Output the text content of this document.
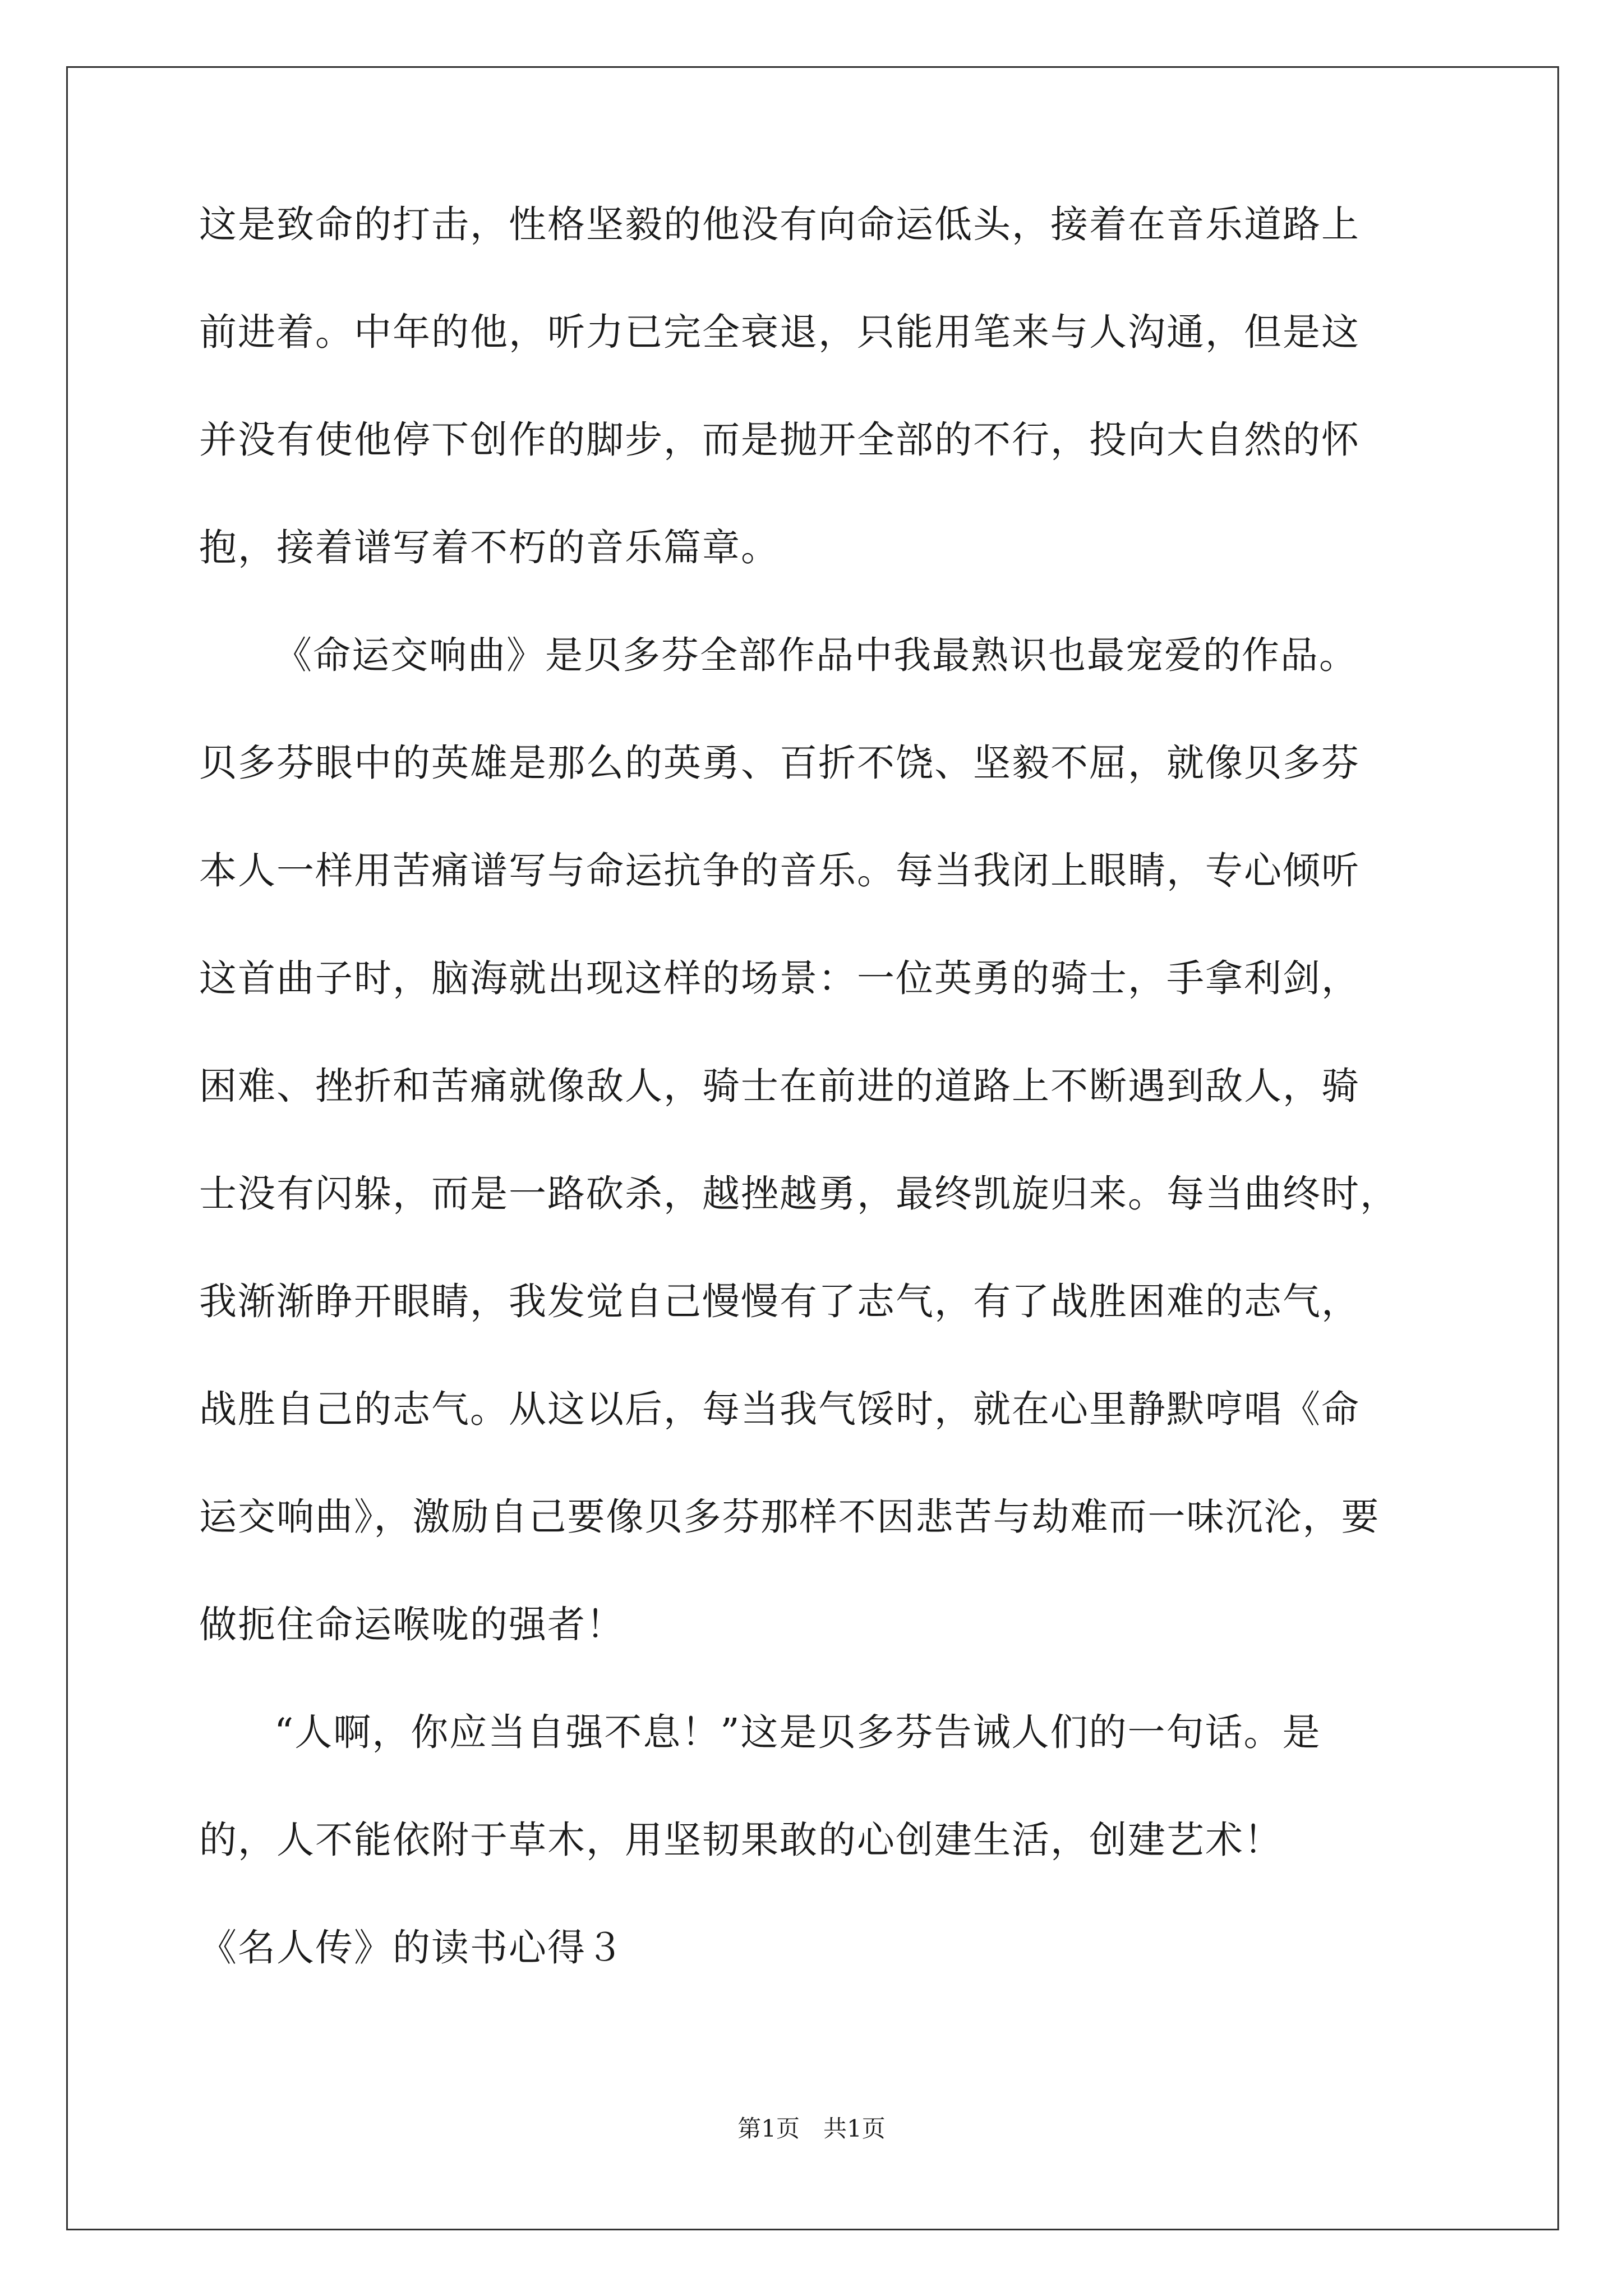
这是致命的打击，性格坚毅的他没有向命运低头，接着在音乐道路上
前进着。中年的他，听力已完全衰退，只能用笔来与人沟通，但是这
并没有使他停下创作的脚步，而是抛开全部的不行，投向大自然的怀
抱，接着谱写着不朽的音乐篇章。
《命运交响曲》是贝多芬全部作品中我最熟识也最宠爱的作品。
贝多芬眼中的英雄是那么的英勇、百折不饶、坚毅不屈，就像贝多芬
本人一样用苦痛谱写与命运抗争的音乐。每当我闭上眼睛，专心倾听
这首曲子时，脑海就出现这样的场景：一位英勇的骑士，手拿利剑，
困难、挫折和苦痛就像敌人，骑士在前进的道路上不断遇到敌人，骑
士没有闪躲，而是一路砍杀，越挫越勇，最终凯旋归来。每当曲终时，
我渐渐睁开眼睛，我发觉自己慢慢有了志气，有了战胜困难的志气，
战胜自己的志气。从这以后，每当我气馁时，就在心里静默哼唱《命
运交响曲》，激励自己要像贝多芬那样不因悲苦与劫难而一味沉沦，要
做扼住命运喉咙的强者！
“人啊，你应当自强不息！”这是贝多芬告诫人们的一句话。是
的，人不能依附于草木，用坚韧果敢的心创建生活，创建艺术！
《名人传》的读书心得３
第1页　共1页
